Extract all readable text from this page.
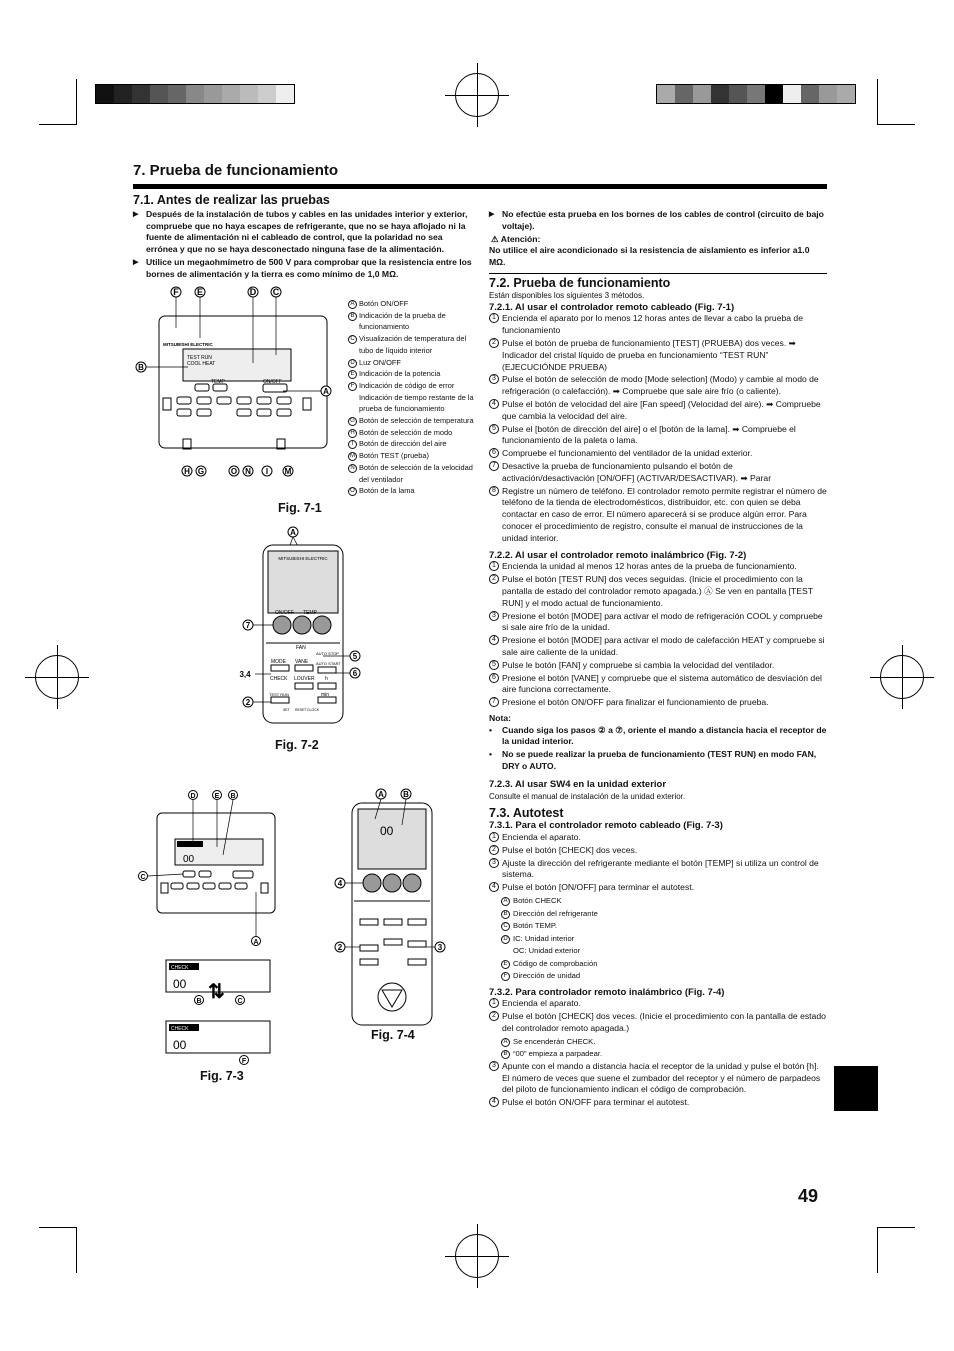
7. Prueba de funcionamiento
7.1. Antes de realizar las pruebas
▶ Después de la instalación de tubos y cables en las unidades interior y exterior, compruebe que no haya escapes de refrigerante, que no se haya aflojado ni la fuente de alimentación ni el cableado de control, que la polaridad no sea errónea y que no se haya desconectado ninguna fase de la alimentación.
▶ Utilice un megaohmímetro de 500 V para comprobar que la resistencia entre los bornes de alimentación y la tierra es como mínimo de 1,0 MΩ.
▶ No efectúe esta prueba en los bornes de los cables de control (circuito de bajo voltaje).
⚠ Atención:
No utilice el aire acondicionado si la resistencia de aislamiento es inferior a1.0 MΩ.
F E	D C
TEST RUN
COOL HEAT
MITSUBISHI ELECTRIC
TEMP	ON/OFF
B
A
H G	O N I M
A Botón ON/OFF
B Indicación de la prueba de funcionamiento
C Visualización de temperatura del tubo de líquido interior
D Luz ON/OFF
E Indicación de la potencia
F Indicación de código de error Indicación de tiempo restante de la prueba de funcionamiento
G Botón de selección de temperatura
H Botón de selección de modo
I Botón de dirección del aire
M Botón TEST (prueba)
N Botón de selección de la velocidad del ventilador
O Botón de la lama
Fig. 7-1
A
MITSUBISHI ELECTRIC
ON/OFF TEMP
FAN
MODE VANE
AUTO STOP
AUTO START
CHECK LOUVER h
TEST RUN	min
SET RESET CLOCK
7
3,4
2
5
6
Fig. 7-2
D	E B
C
A
B	C
F
00
00
CHECK
⇅
00
CHECK
Fig. 7-3
A B
4
2	3
00
Fig. 7-4
7.2. Prueba de funcionamiento
Están disponibles los siguientes 3 métodos.
7.2.1. Al usar el controlador remoto cableado (Fig. 7-1)
1 Encienda el aparato por lo menos 12 horas antes de llevar a cabo la prueba de funcionamiento
2 Pulse el botón de prueba de funcionamiento [TEST] (PRUEBA) dos veces. ➡ Indicador del cristal líquido de prueba en funcionamiento “TEST RUN” (EJECUCIÓNDE PRUEBA)
3 Pulse el botón de selección de modo [Mode selection] (Modo) y cambie al modo de refrigeración (o calefacción). ➡ Compruebe que sale aire frío (o caliente).
4 Pulse el botón de velocidad del aire [Fan speed] (Velocidad del aire). ➡ Compruebe que cambia la velocidad del aire.
5 Pulse el [botón de dirección del aire] o el [botón de la lama]. ➡ Compruebe el funcionamiento de la paleta o lama.
6 Compruebe el funcionamiento del ventilador de la unidad exterior.
7 Desactive la prueba de funcionamiento pulsando el botón de activación/desactivación [ON/OFF] (ACTIVAR/DESACTIVAR). ➡ Parar
8 Registre un número de teléfono. El controlador remoto permite registrar el número de teléfono de la tienda de electrodomésticos, distribuidor, etc. con quien se deba contactar en caso de error. El número aparecerá si se produce algún error. Para conocer el procedimiento de registro, consulte el manual de instrucciones de la unidad interior.
7.2.2. Al usar el controlador remoto inalámbrico (Fig. 7-2)
1 Encienda la unidad al menos 12 horas antes de la prueba de funcionamiento.
2 Pulse el botón [TEST RUN] dos veces seguidas. (Inicie el procedimiento con la pantalla de estado del controlador remoto apagada.) Ⓐ Se ven en pantalla [TEST RUN] y el modo actual de funcionamiento.
3 Presione el botón [MODE] para activar el modo de refrigeración COOL y compruebe si sale aire frío de la unidad.
4 Presione el botón [MODE] para activar el modo de calefacción HEAT y compruebe si sale aire caliente de la unidad.
5 Pulse le botón [FAN] y compruebe si cambia la velocidad del ventilador.
6 Presione el botón [VANE] y compruebe que el sistema automático de desviación del aire funciona correctamente.
7 Presione el botón ON/OFF para finalizar el funcionamiento de prueba.
Nota:
• Cuando siga los pasos ② a ⑦, oriente el mando a distancia hacia el receptor de la unidad interior.
• No se puede realizar la prueba de funcionamiento (TEST RUN) en modo FAN, DRY o AUTO.
7.2.3. Al usar SW4 en la unidad exterior
Consulte el manual de instalación de la unidad exterior.
7.3. Autotest
7.3.1. Para el controlador remoto cableado (Fig. 7-3)
1 Encienda el aparato.
2 Pulse el botón [CHECK] dos veces.
3 Ajuste la dirección del refrigerante mediante el botón [TEMP] si utiliza un control de sistema.
4 Pulse el botón [ON/OFF] para terminar el autotest.
A Botón CHECK
B Dirección del refrigerante
C Botón TEMP.
D IC: Unidad interior
OC: Unidad exterior
E Código de comprobación
F Dirección de unidad
7.3.2. Para controlador remoto inalámbrico (Fig. 7-4)
1 Encienda el aparato.
2 Pulse el botón [CHECK] dos veces. (Inicie el procedimiento con la pantalla de estado del controlador remoto apagada.)
A Se encenderán CHECK.
B “00” empieza a parpadear.
3 Apunte con el mando a distancia hacia el receptor de la unidad y pulse el botón [h]. El número de veces que suene el zumbador del receptor y el número de parpadeos del piloto de funcionamiento indican el código de comprobación.
4 Pulse el botón ON/OFF para terminar el autotest.
49
